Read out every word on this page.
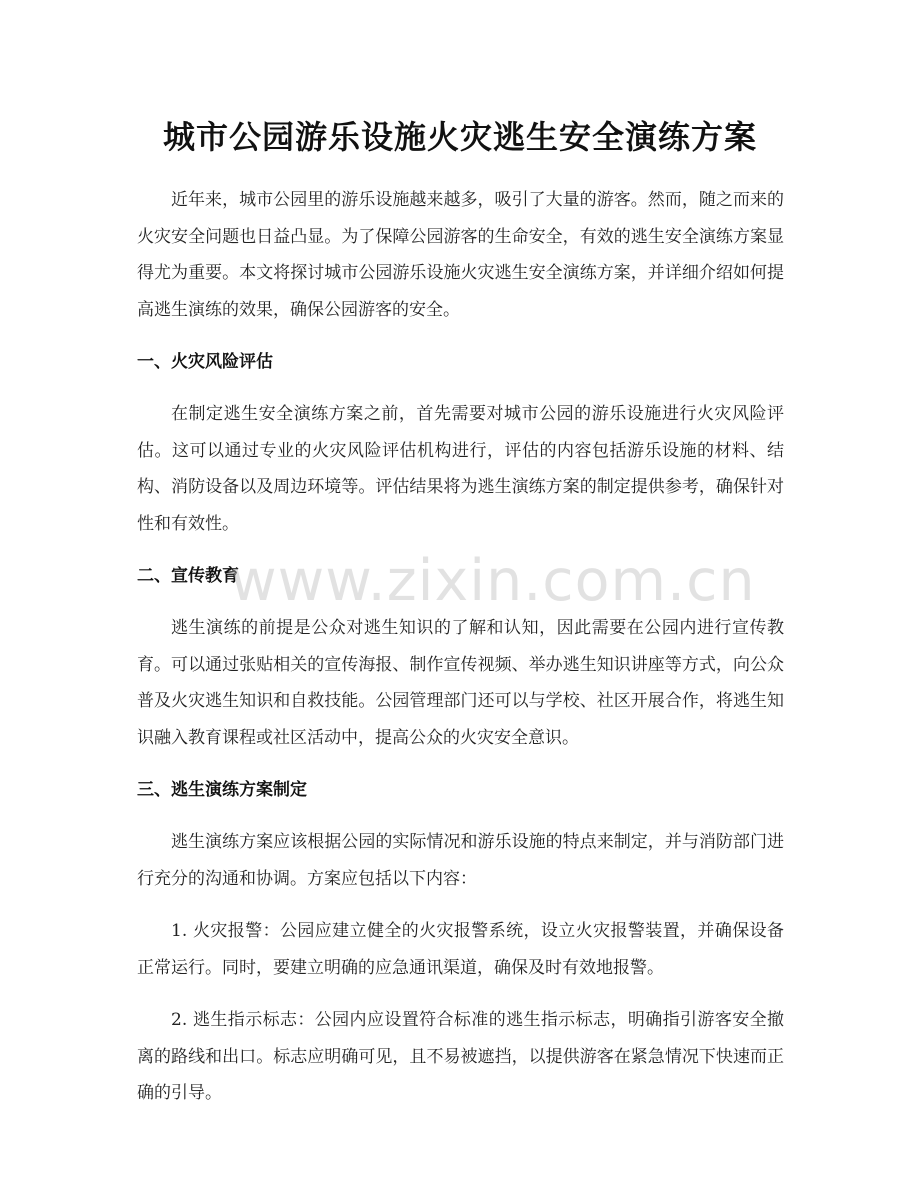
城市公园游乐设施火灾逃生安全演练方案

近年来，城市公园里的游乐设施越来越多，吸引了大量的游客。然而，随之而来的火灾安全问题也日益凸显。为了保障公园游客的生命安全，有效的逃生安全演练方案显得尤为重要。本文将探讨城市公园游乐设施火灾逃生安全演练方案，并详细介绍如何提高逃生演练的效果，确保公园游客的安全。

一、火灾风险评估

在制定逃生安全演练方案之前，首先需要对城市公园的游乐设施进行火灾风险评估。这可以通过专业的火灾风险评估机构进行，评估的内容包括游乐设施的材料、结构、消防设备以及周边环境等。评估结果将为逃生演练方案的制定提供参考，确保针对性和有效性。

二、宣传教育

逃生演练的前提是公众对逃生知识的了解和认知，因此需要在公园内进行宣传教育。可以通过张贴相关的宣传海报、制作宣传视频、举办逃生知识讲座等方式，向公众普及火灾逃生知识和自救技能。公园管理部门还可以与学校、社区开展合作，将逃生知识融入教育课程或社区活动中，提高公众的火灾安全意识。

三、逃生演练方案制定

逃生演练方案应该根据公园的实际情况和游乐设施的特点来制定，并与消防部门进行充分的沟通和协调。方案应包括以下内容：

1. 火灾报警：公园应建立健全的火灾报警系统，设立火灾报警装置，并确保设备正常运行。同时，要建立明确的应急通讯渠道，确保及时有效地报警。

2. 逃生指示标志：公园内应设置符合标准的逃生指示标志，明确指引游客安全撤离的路线和出口。标志应明确可见，且不易被遮挡，以提供游客在紧急情况下快速而正确的引导。

www.zixin.com.cn
